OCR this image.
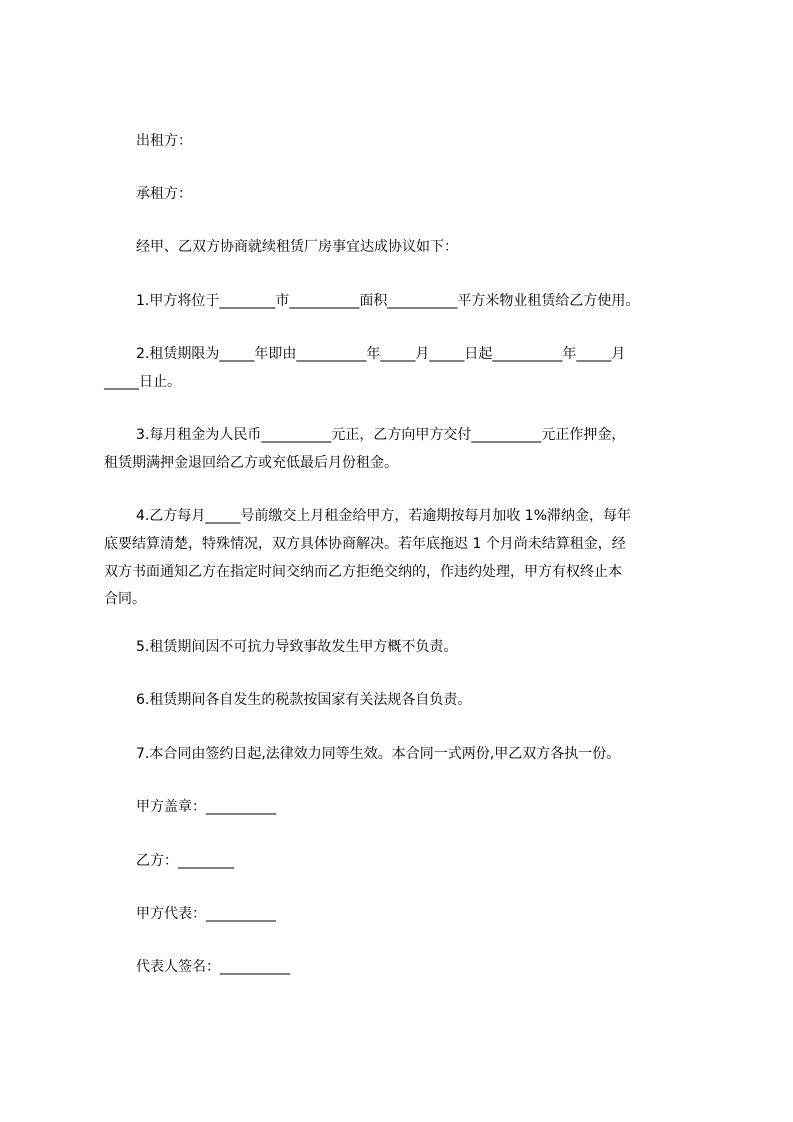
出租方：
承租方：
经甲、乙双方协商就续租赁厂房事宜达成协议如下：
1.甲方将位于________市__________面积__________平方米物业租赁给乙方使用。
2.租赁期限为_____年即由__________年_____月_____日起__________年_____月
_____日止。
3.每月租金为人民币__________元正，乙方向甲方交付__________元正作押金，
租赁期满押金退回给乙方或充低最后月份租金。
4.乙方每月_____号前缴交上月租金给甲方，若逾期按每月加收 1%滞纳金，每年
底要结算清楚，特殊情况，双方具体协商解决。若年底拖迟 1 个月尚未结算租金，经
双方书面通知乙方在指定时间交纳而乙方拒绝交纳的，作违约处理，甲方有权终止本
合同。
5.租赁期间因不可抗力导致事故发生甲方概不负责。
6.租赁期间各自发生的税款按国家有关法规各自负责。
7.本合同由签约日起,法律效力同等生效。本合同一式两份,甲乙双方各执一份。
甲方盖章：__________
乙方：________
甲方代表：__________
代表人签名：__________
